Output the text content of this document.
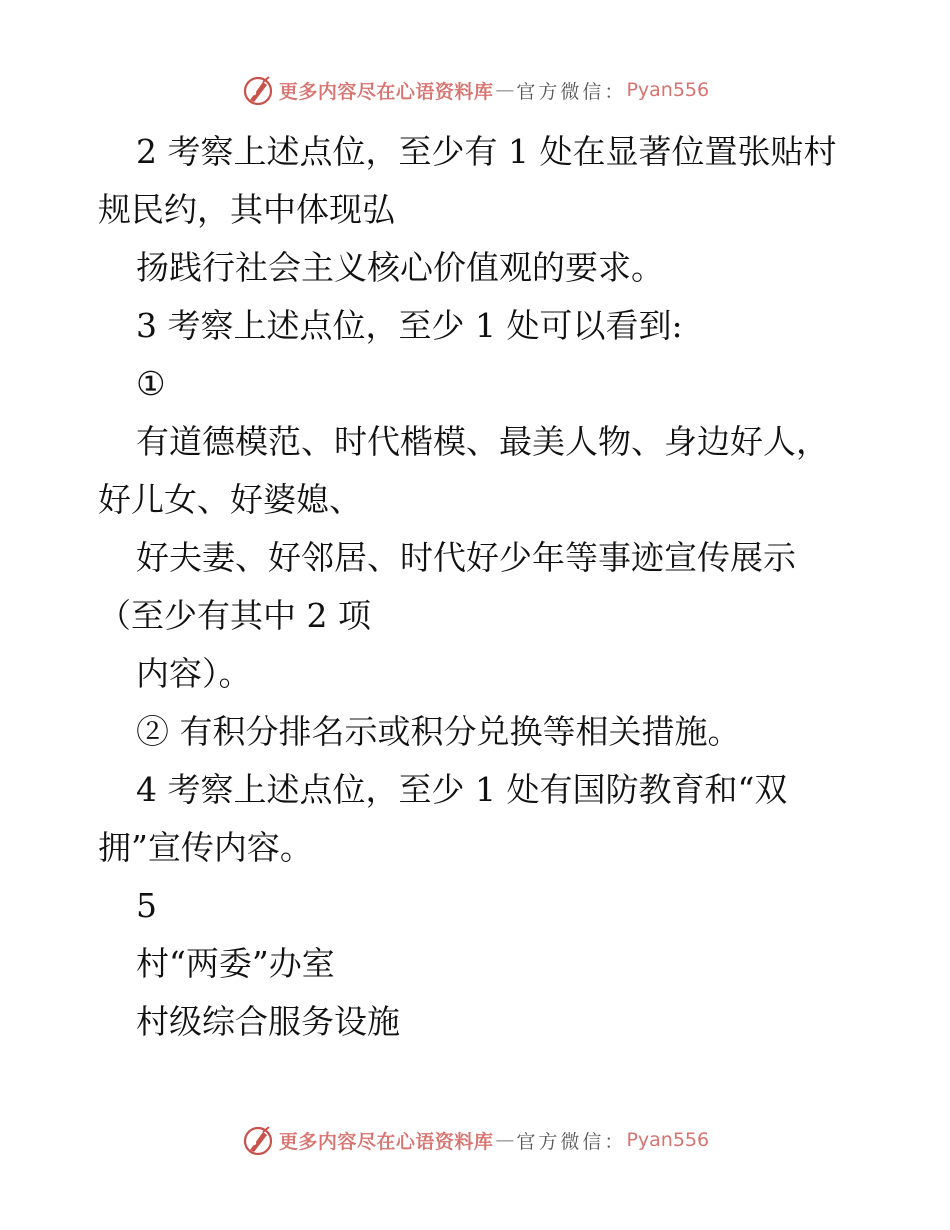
更多内容尽在心语资料库 — 官方微信： Pyan556
2 考察上述点位，至少有 1 处在显著位置张贴村
规民约，其中体现弘
扬践行社会主义核心价值观的要求。
3 考察上述点位，至少 1 处可以看到:
①
有道德模范、时代楷模、最美人物、身边好人，
好儿女、好婆媳、
好夫妻、好邻居、时代好少年等事迹宣传展示
（至少有其中 2 项
内容）。
② 有积分排名示或积分兑换等相关措施。
4 考察上述点位，至少 1 处有国防教育和“双
拥”宣传内容。
5
村“两委”办室
村级综合服务设施
更多内容尽在心语资料库 — 官方微信： Pyan556
